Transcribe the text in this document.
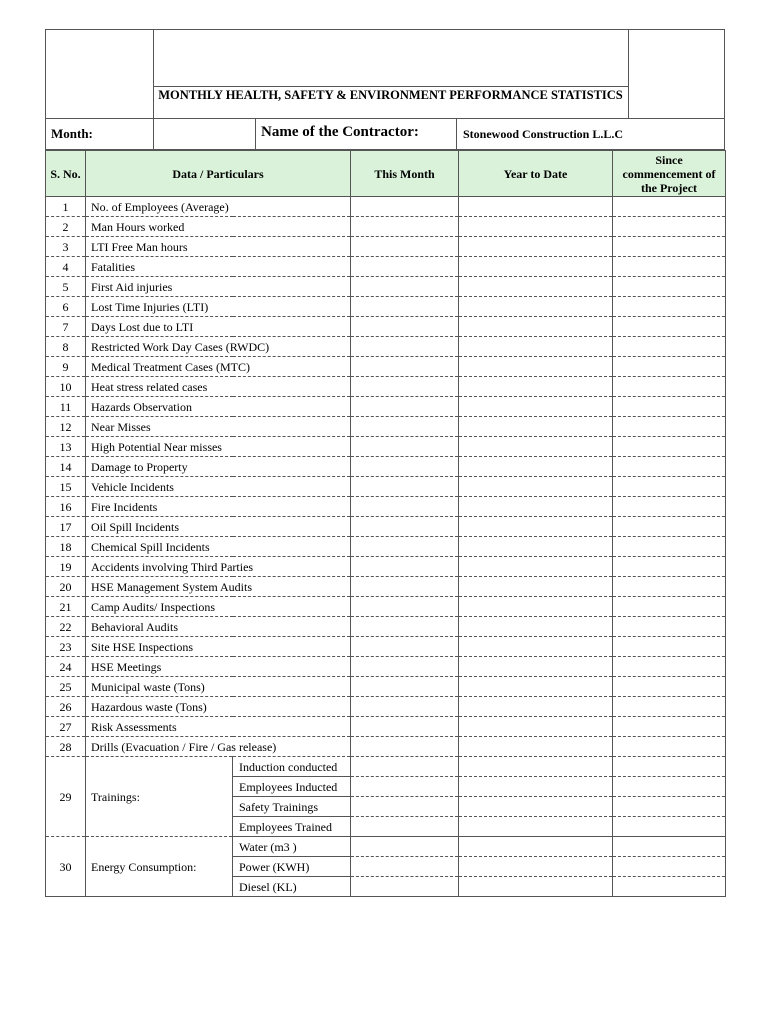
MONTHLY HEALTH, SAFETY & ENVIRONMENT PERFORMANCE STATISTICS
Month:	Name of the Contractor:	Stonewood Construction L.L.C
S. No.	Data / Particulars		This Month	Year to Date	Since commencement of the Project
1	No. of Employees (Average)				
2	Man Hours worked				
3	LTI Free Man hours				
4	Fatalities				
5	First Aid injuries				
6	Lost Time Injuries (LTI)				
7	Days Lost due to LTI				
8	Restricted Work Day Cases (RWDC)				
9	Medical Treatment Cases (MTC)				
10	Heat stress related cases				
11	Hazards Observation				
12	Near Misses				
13	High Potential Near misses				
14	Damage to Property				
15	Vehicle Incidents				
16	Fire Incidents				
17	Oil Spill Incidents				
18	Chemical Spill Incidents				
19	Accidents involving Third Parties				
20	HSE Management System Audits				
21	Camp Audits/ Inspections				
22	Behavioral Audits				
23	Site HSE Inspections				
24	HSE Meetings				
25	Municipal waste (Tons)				
26	Hazardous waste (Tons)				
27	Risk Assessments				
28	Drills (Evacuation / Fire / Gas release)				
29	Trainings:	Induction conducted			
		Employees Inducted			
		Safety Trainings			
		Employees Trained			
30	Energy Consumption:	Water (m3 )			
		Power (KWH)			
		Diesel (KL)			
